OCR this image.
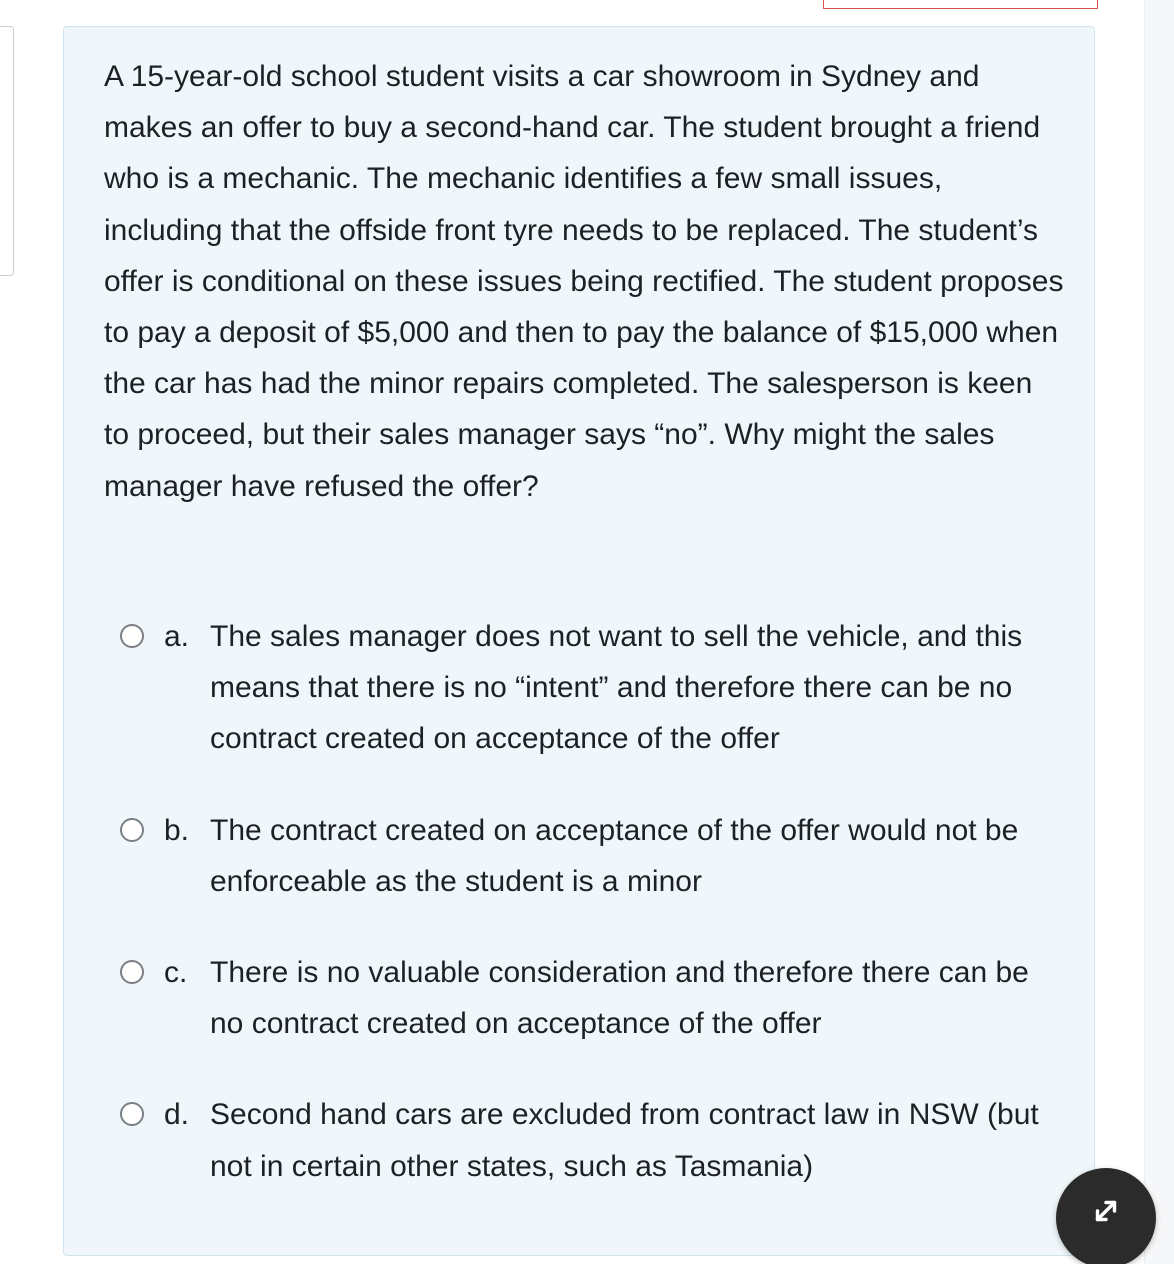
A 15-year-old school student visits a car showroom in Sydney and makes an offer to buy a second-hand car. The student brought a friend who is a mechanic. The mechanic identifies a few small issues, including that the offside front tyre needs to be replaced. The student’s offer is conditional on these issues being rectified. The student proposes to pay a deposit of $5,000 and then to pay the balance of $15,000 when the car has had the minor repairs completed. The salesperson is keen to proceed, but their sales manager says “no”. Why might the sales manager have refused the offer?

a. The sales manager does not want to sell the vehicle, and this means that there is no “intent” and therefore there can be no contract created on acceptance of the offer
b. The contract created on acceptance of the offer would not be enforceable as the student is a minor
c. There is no valuable consideration and therefore there can be no contract created on acceptance of the offer
d. Second hand cars are excluded from contract law in NSW (but not in certain other states, such as Tasmania)
